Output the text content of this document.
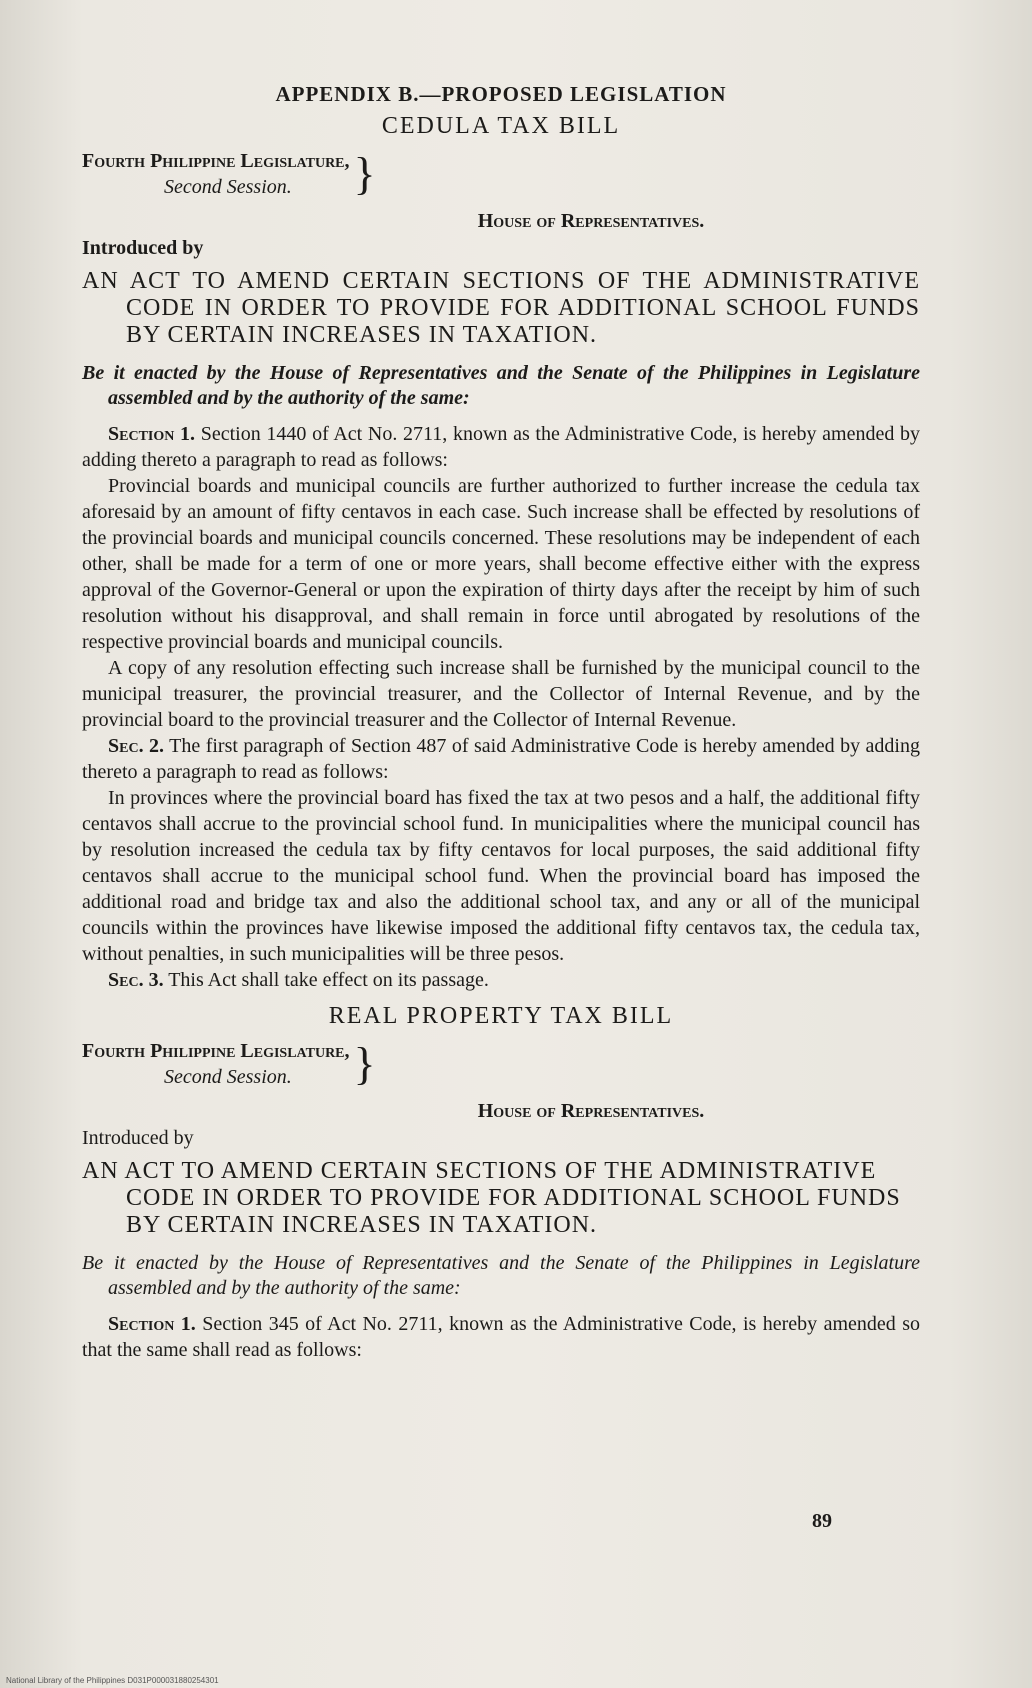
APPENDIX B.—PROPOSED LEGISLATION
CEDULA TAX BILL
Fourth Philippine Legislature,
Second Session.	}
House of Representatives.
Introduced by
AN ACT TO AMEND CERTAIN SECTIONS OF THE ADMINISTRATIVE CODE IN ORDER TO PROVIDE FOR ADDITIONAL SCHOOL FUNDS BY CERTAIN INCREASES IN TAXATION.
Be it enacted by the House of Representatives and the Senate of the Philippines in Legislature assembled and by the authority of the same:

Section 1. Section 1440 of Act No. 2711, known as the Administrative Code, is hereby amended by adding thereto a paragraph to read as follows:

Provincial boards and municipal councils are further authorized to further increase the cedula tax aforesaid by an amount of fifty centavos in each case. Such increase shall be effected by resolutions of the provincial boards and municipal councils concerned. These resolutions may be independent of each other, shall be made for a term of one or more years, shall become effective either with the express approval of the Governor-General or upon the expiration of thirty days after the receipt by him of such resolution without his disapproval, and shall remain in force until abrogated by resolutions of the respective provincial boards and municipal councils.

A copy of any resolution effecting such increase shall be furnished by the municipal council to the municipal treasurer, the provincial treasurer, and the Collector of Internal Revenue, and by the provincial board to the provincial treasurer and the Collector of Internal Revenue.

Sec. 2. The first paragraph of Section 487 of said Administrative Code is hereby amended by adding thereto a paragraph to read as follows:

In provinces where the provincial board has fixed the tax at two pesos and a half, the additional fifty centavos shall accrue to the provincial school fund. In municipalities where the municipal council has by resolution increased the cedula tax by fifty centavos for local purposes, the said additional fifty centavos shall accrue to the municipal school fund. When the provincial board has imposed the additional road and bridge tax and also the additional school tax, and any or all of the municipal councils within the provinces have likewise imposed the additional fifty centavos tax, the cedula tax, without penalties, in such municipalities will be three pesos.

Sec. 3. This Act shall take effect on its passage.

REAL PROPERTY TAX BILL
Fourth Philippine Legislature,
Second Session.	}
House of Representatives.
Introduced by
AN ACT TO AMEND CERTAIN SECTIONS OF THE ADMINISTRATIVE CODE IN ORDER TO PROVIDE FOR ADDITIONAL SCHOOL FUNDS BY CERTAIN INCREASES IN TAXATION.
Be it enacted by the House of Representatives and the Senate of the Philippines in Legislature assembled and by the authority of the same:

Section 1. Section 345 of Act No. 2711, known as the Administrative Code, is hereby amended so that the same shall read as follows:

89
National Library of the Philippines D031P000031880254301
